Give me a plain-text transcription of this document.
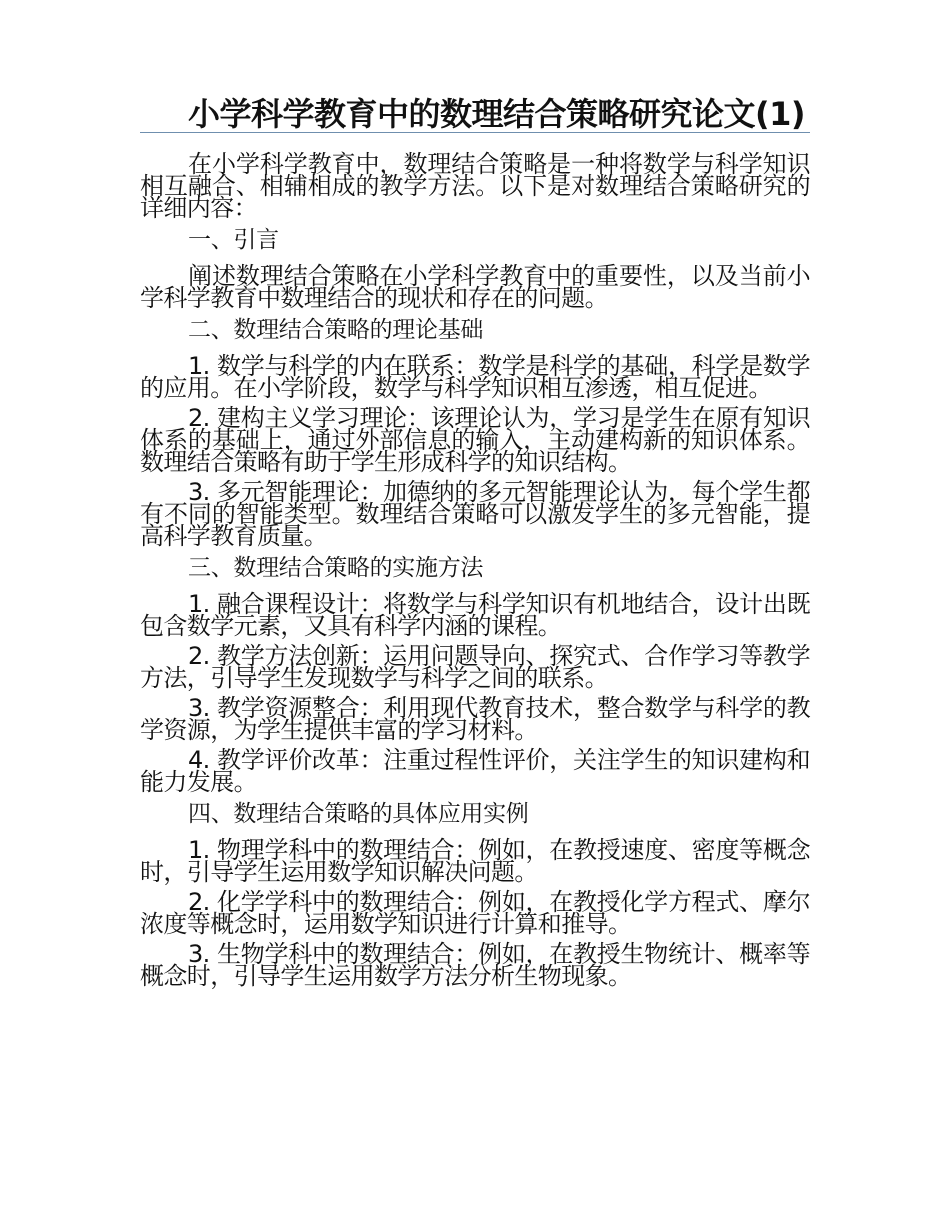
小学科学教育中的数理结合策略研究论文(1)

在小学科学教育中，数理结合策略是一种将数学与科学知识相互融合、相辅相成的教学方法。以下是对数理结合策略研究的详细内容：

一、引言

阐述数理结合策略在小学科学教育中的重要性，以及当前小学科学教育中数理结合的现状和存在的问题。

二、数理结合策略的理论基础

1. 数学与科学的内在联系：数学是科学的基础，科学是数学的应用。在小学阶段，数学与科学知识相互渗透，相互促进。

2. 建构主义学习理论：该理论认为，学习是学生在原有知识体系的基础上，通过外部信息的输入，主动建构新的知识体系。数理结合策略有助于学生形成科学的知识结构。

3. 多元智能理论：加德纳的多元智能理论认为，每个学生都有不同的智能类型。数理结合策略可以激发学生的多元智能，提高科学教育质量。

三、数理结合策略的实施方法

1. 融合课程设计：将数学与科学知识有机地结合，设计出既包含数学元素，又具有科学内涵的课程。

2. 教学方法创新：运用问题导向、探究式、合作学习等教学方法，引导学生发现数学与科学之间的联系。

3. 教学资源整合：利用现代教育技术，整合数学与科学的教学资源，为学生提供丰富的学习材料。

4. 教学评价改革：注重过程性评价，关注学生的知识建构和能力发展。

四、数理结合策略的具体应用实例

1. 物理学科中的数理结合：例如，在教授速度、密度等概念时，引导学生运用数学知识解决问题。

2. 化学学科中的数理结合：例如，在教授化学方程式、摩尔浓度等概念时，运用数学知识进行计算和推导。

3. 生物学科中的数理结合：例如，在教授生物统计、概率等概念时，引导学生运用数学方法分析生物现象。
